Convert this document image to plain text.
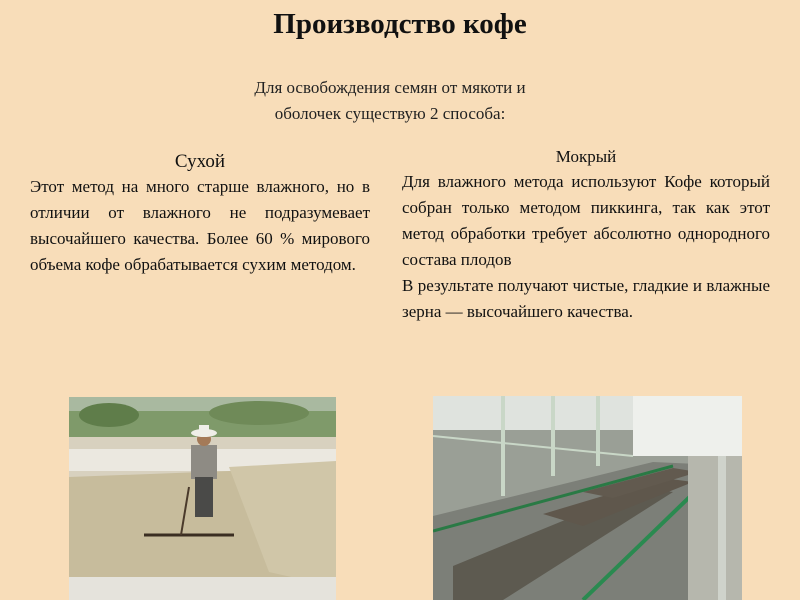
Производство кофе
Для освобождения семян от мякоти и
оболочек существую 2 способа:
Сухой

Этот метод на много старше влажного, но в отличии от влажного не подразумевает высочайшего качества. Более 60 % мирового объема кофе обрабатывается сухим методом.

Мокрый

Для влажного метода используют Кофе который собран только методом пиккинга, так как этот метод обработки требует абсолютно однородного состава плодов

В результате получают чистые, гладкие и влажные зерна — высочайшего качества.
